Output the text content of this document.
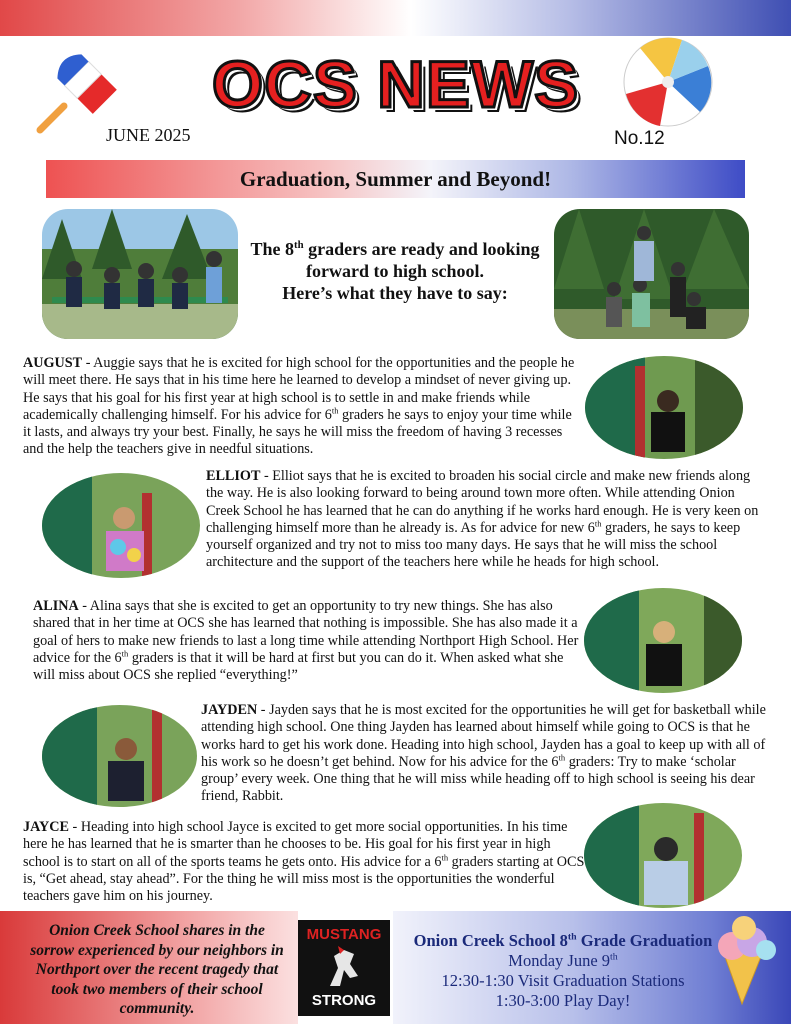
OCS NEWS
JUNE 2025	No.12
Graduation, Summer and Beyond!
The 8th graders are ready and looking forward to high school.
Here’s what they have to say:
AUGUST - Auggie says that he is excited for high school for the opportunities and the people he will meet there. He says that in his time here he learned to develop a mindset of never giving up. He says that his goal for his first year at high school is to settle in and make friends while academically challenging himself. For his advice for 6th graders he says to enjoy your time while it lasts, and always try your best. Finally, he says he will miss the freedom of having 3 recesses and the help the teachers give in needful situations.
ELLIOT - Elliot says that he is excited to broaden his social circle and make new friends along the way. He is also looking forward to being around town more often. While attending Onion Creek School he has learned that he can do anything if he works hard enough. He is very keen on challenging himself more than he already is. As for advice for new 6th graders, he says to keep yourself organized and try not to miss too many days. He says that he will miss the school architecture and the support of the teachers here while he heads for high school.
ALINA - Alina says that she is excited to get an opportunity to try new things. She has also shared that in her time at OCS she has learned that nothing is impossible. She has also made it a goal of hers to make new friends to last a long time while attending Northport High School. Her advice for the 6th graders is that it will be hard at first but you can do it. When asked what she will miss about OCS she replied “everything!”
JAYDEN - Jayden says that he is most excited for the opportunities he will get for basketball while attending high school. One thing Jayden has learned about himself while going to OCS is that he works hard to get his work done. Heading into high school, Jayden has a goal to keep up with all of his work so he doesn’t get behind. Now for his advice for the 6th graders: Try to make ‘scholar group’ every week. One thing that he will miss while heading off to high school is seeing his dear friend, Rabbit.
JAYCE - Heading into high school Jayce is excited to get more social opportunities. In his time here he has learned that he is smarter than he chooses to be. His goal for his first year in high school is to start on all of the sports teams he gets onto. His advice for a 6th graders starting at OCS is, “Get ahead, stay ahead”. For the thing he will miss most is the opportunities the wonderful teachers gave him on his journey.

Onion Creek School shares in the sorrow experienced by our neighbors in Northport over the recent tragedy that took two members of their school community.

MUSTANG
STRONG
Onion Creek School 8th Grade Graduation
Monday June 9th
12:30-1:30 Visit Graduation Stations
1:30-3:00 Play Day!
